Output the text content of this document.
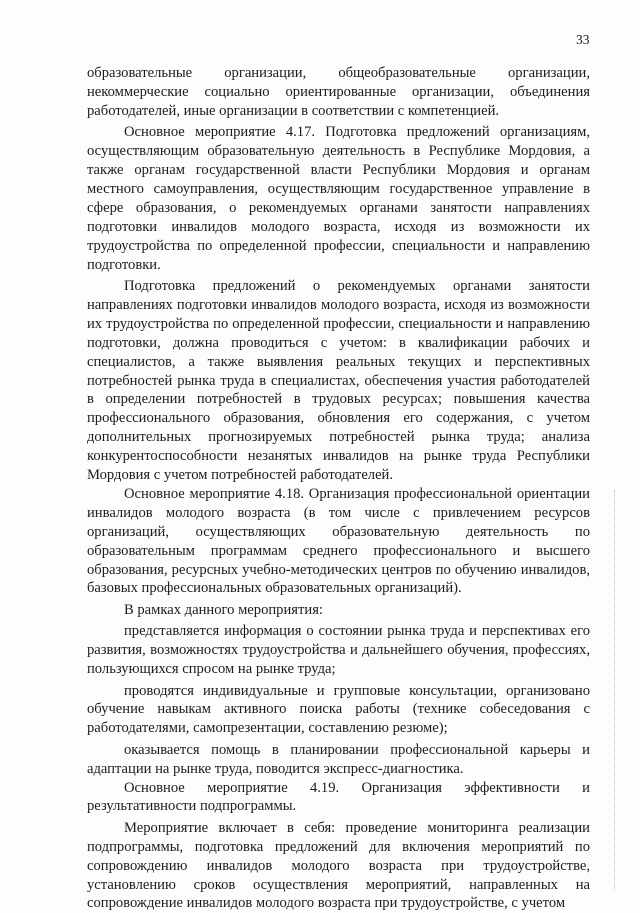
33

образовательные организации, общеобразовательные организации, некоммерческие социально ориентированные организации, объединения работодателей, иные организации в соответствии с компетенцией.

Основное мероприятие 4.17. Подготовка предложений организациям, осуществляющим образовательную деятельность в Республике Мордовия, а также органам государственной власти Республики Мордовия и органам местного самоуправления, осуществляющим государственное управление в сфере образования, о рекомендуемых органами занятости направлениях подготовки инвалидов молодого возраста, исходя из возможности их трудоустройства по определенной профессии, специальности и направлению подготовки.

Подготовка предложений о рекомендуемых органами занятости направлениях подготовки инвалидов молодого возраста, исходя из возможности их трудоустройства по определенной профессии, специальности и направлению подготовки, должна проводиться с учетом: в квалификации рабочих и специалистов, а также выявления реальных текущих и перспективных потребностей рынка труда в специалистах, обеспечения участия работодателей в определении потребностей в трудовых ресурсах; повышения качества профессионального образования, обновления его содержания, с учетом дополнительных прогнозируемых потребностей рынка труда; анализа конкурентоспособности незанятых инвалидов на рынке труда Республики Мордовия с учетом потребностей работодателей.

Основное мероприятие 4.18. Организация профессиональной ориентации инвалидов молодого возраста (в том числе с привлечением ресурсов организаций, осуществляющих образовательную деятельность по образовательным программам среднего профессионального и высшего образования, ресурсных учебно-методических центров по обучению инвалидов, базовых профессиональных образовательных организаций).

В рамках данного мероприятия:

представляется информация о состоянии рынка труда и перспективах его развития, возможностях трудоустройства и дальнейшего обучения, профессиях, пользующихся спросом на рынке труда;

проводятся индивидуальные и групповые консультации, организовано обучение навыкам активного поиска работы (технике собеседования с работодателями, самопрезентации, составлению резюме);

оказывается помощь в планировании профессиональной карьеры и адаптации на рынке труда, поводится экспресс-диагностика.

Основное мероприятие 4.19. Организация эффективности и результативности подпрограммы.

Мероприятие включает в себя: проведение мониторинга реализации подпрограммы, подготовка предложений для включения мероприятий по сопровождению инвалидов молодого возраста при трудоустройстве, установлению сроков осуществления мероприятий, направленных на сопровождение инвалидов молодого возраста при трудоустройстве, с учетом
